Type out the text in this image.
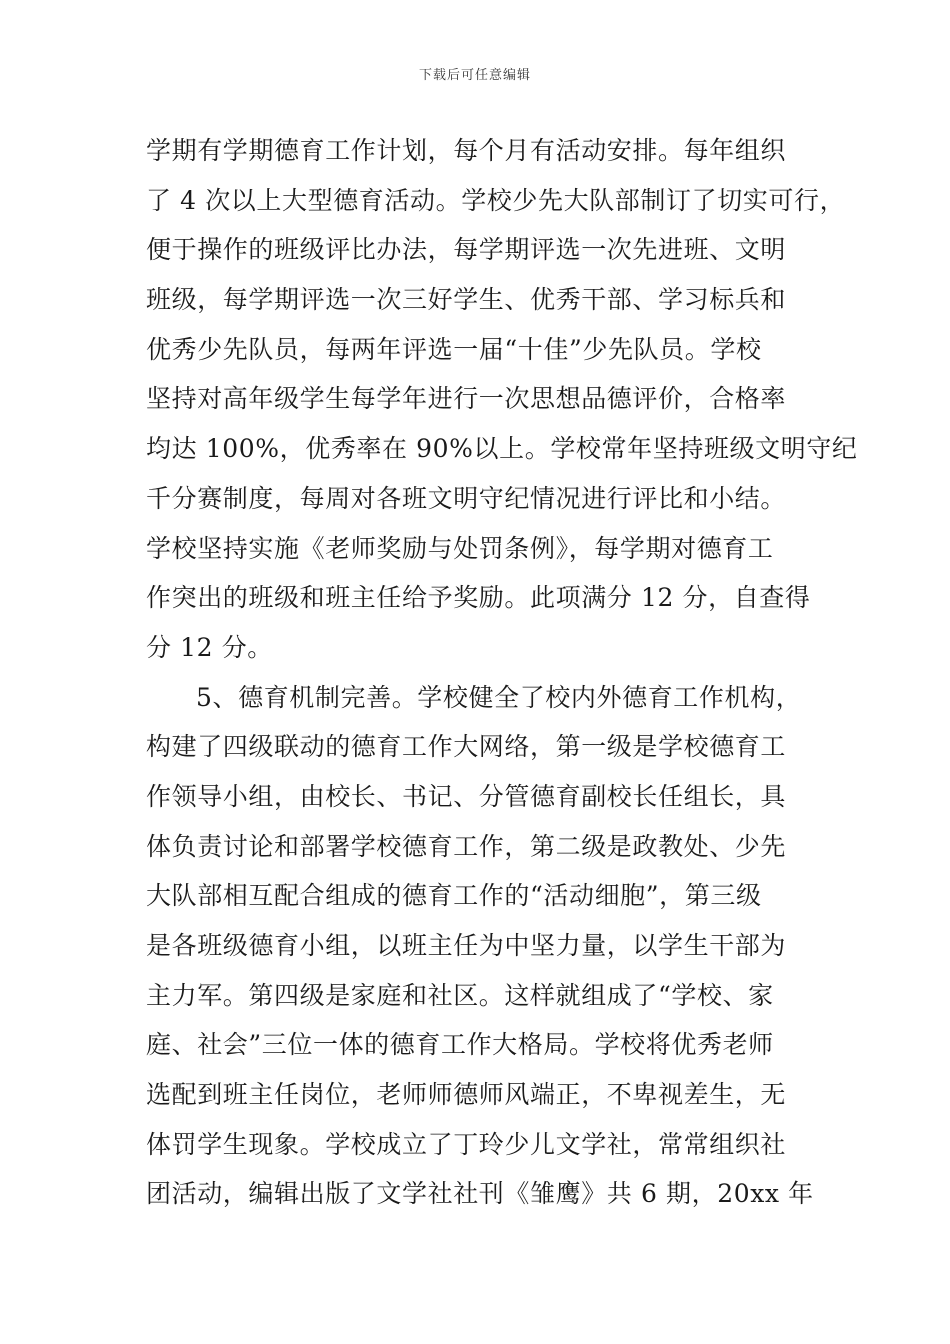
下载后可任意编辑
学期有学期德育工作计划，每个月有活动安排。每年组织
了 4 次以上大型德育活动。学校少先大队部制订了切实可行，
便于操作的班级评比办法，每学期评选一次先进班、文明
班级，每学期评选一次三好学生、优秀干部、学习标兵和
优秀少先队员，每两年评选一届“十佳”少先队员。学校
坚持对高年级学生每学年进行一次思想品德评价，合格率
均达 100%，优秀率在 90%以上。学校常年坚持班级文明守纪
千分赛制度，每周对各班文明守纪情况进行评比和小结。
学校坚持实施《老师奖励与处罚条例》，每学期对德育工
作突出的班级和班主任给予奖励。此项满分 12 分，自查得
分 12 分。
5、德育机制完善。学校健全了校内外德育工作机构，
构建了四级联动的德育工作大网络，第一级是学校德育工
作领导小组，由校长、书记、分管德育副校长任组长，具
体负责讨论和部署学校德育工作，第二级是政教处、少先
大队部相互配合组成的德育工作的“活动细胞”，第三级
是各班级德育小组，以班主任为中坚力量，以学生干部为
主力军。第四级是家庭和社区。这样就组成了“学校、家
庭、社会”三位一体的德育工作大格局。学校将优秀老师
选配到班主任岗位，老师师德师风端正，不卑视差生，无
体罚学生现象。学校成立了丁玲少儿文学社，常常组织社
团活动，编辑出版了文学社社刊《雏鹰》共 6 期，20xx 年
